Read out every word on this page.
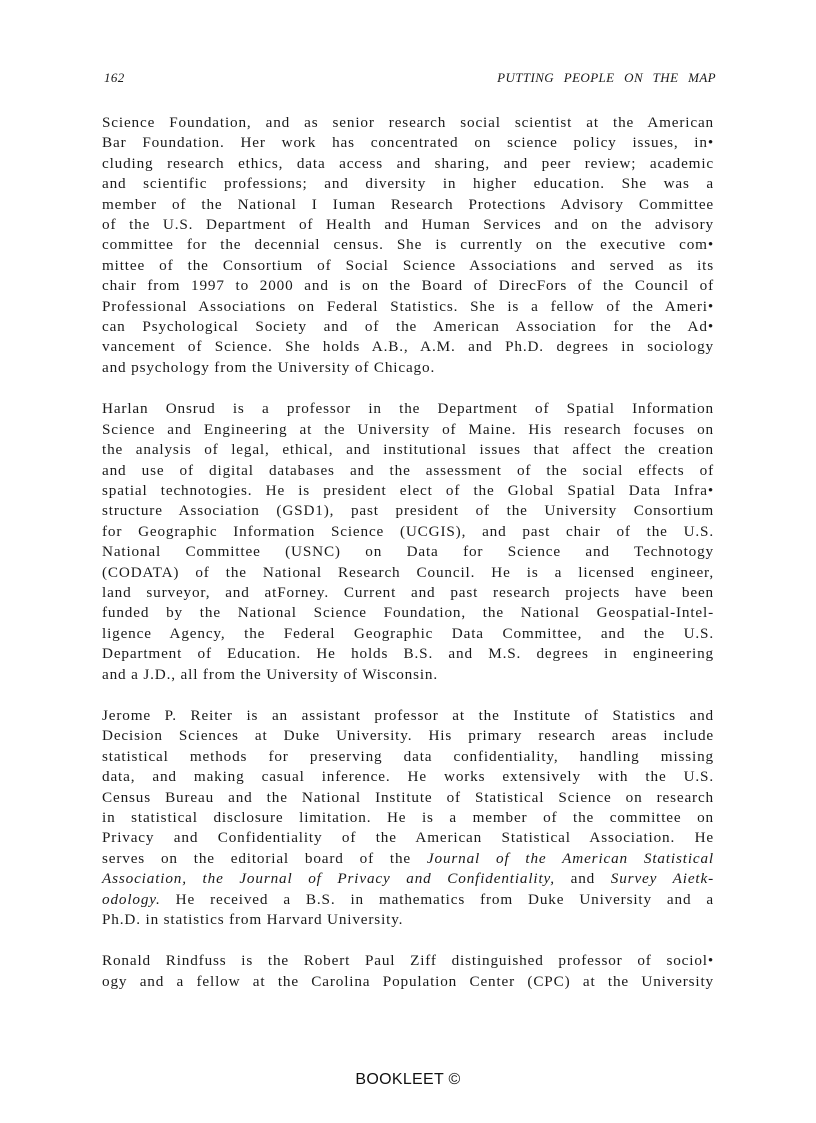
162	PUTTING PEOPLE ON THE MAP

Science Foundation, and as senior research social scientist at the American
Bar Foundation. Her work has concentrated on science policy issues, in•
cluding research ethics, data access and sharing, and peer review; academic
and scientific professions; and diversity in higher education. She was a
member of the National I Iuman Research Protections Advisory Committee
of the U.S. Department of Health and Human Services and on the advisory
committee for the decennial census. She is currently on the executive com•
mittee of the Consortium of Social Science Associations and served as its
chair from 1997 to 2000 and is on the Board of DirecFors of the Council of
Professional Associations on Federal Statistics. She is a fellow of the Ameri•
can Psychological Society and of the American Association for the Ad•
vancement of Science. She holds A.B., A.M. and Ph.D. degrees in sociology
and psychology from the University of Chicago.

Harlan Onsrud is a professor in the Department of Spatial Information
Science and Engineering at the University of Maine. His research focuses on
the analysis of legal, ethical, and institutional issues that affect the creation
and use of digital databases and the assessment of the social effects of
spatial technotogies. He is president elect of the Global Spatial Data Infra•
structure Association (GSD1), past president of the University Consortium
for Geographic Information Science (UCGIS), and past chair of the U.S.
National Committee (USNC) on Data for Science and Technotogy
(CODATA) of the National Research Council. He is a licensed engineer,
land surveyor, and atForney. Current and past research projects have been
funded by the National Science Foundation, the National Geospatial-Intel-
ligence Agency, the Federal Geographic Data Committee, and the U.S.
Department of Education. He holds B.S. and M.S. degrees in engineering
and a J.D., all from the University of Wisconsin.

Jerome P. Reiter is an assistant professor at the Institute of Statistics and
Decision Sciences at Duke University. His primary research areas include
statistical methods for preserving data confidentiality, handling missing
data, and making casual inference. He works extensively with the U.S.
Census Bureau and the National Institute of Statistical Science on research
in statistical disclosure limitation. He is a member of the committee on
Privacy and Confidentiality of the American Statistical Association. He
serves on the editorial board of the Journal of the American Statistical
Association, the Journal of Privacy and Confidentiality, and Survey Aietk-
odology. He received a B.S. in mathematics from Duke University and a
Ph.D. in statistics from Harvard University.

Ronald Rindfuss is the Robert Paul Ziff distinguished professor of sociol•
ogy and a fellow at the Carolina Population Center (CPC) at the University

BOOKLEET ©
